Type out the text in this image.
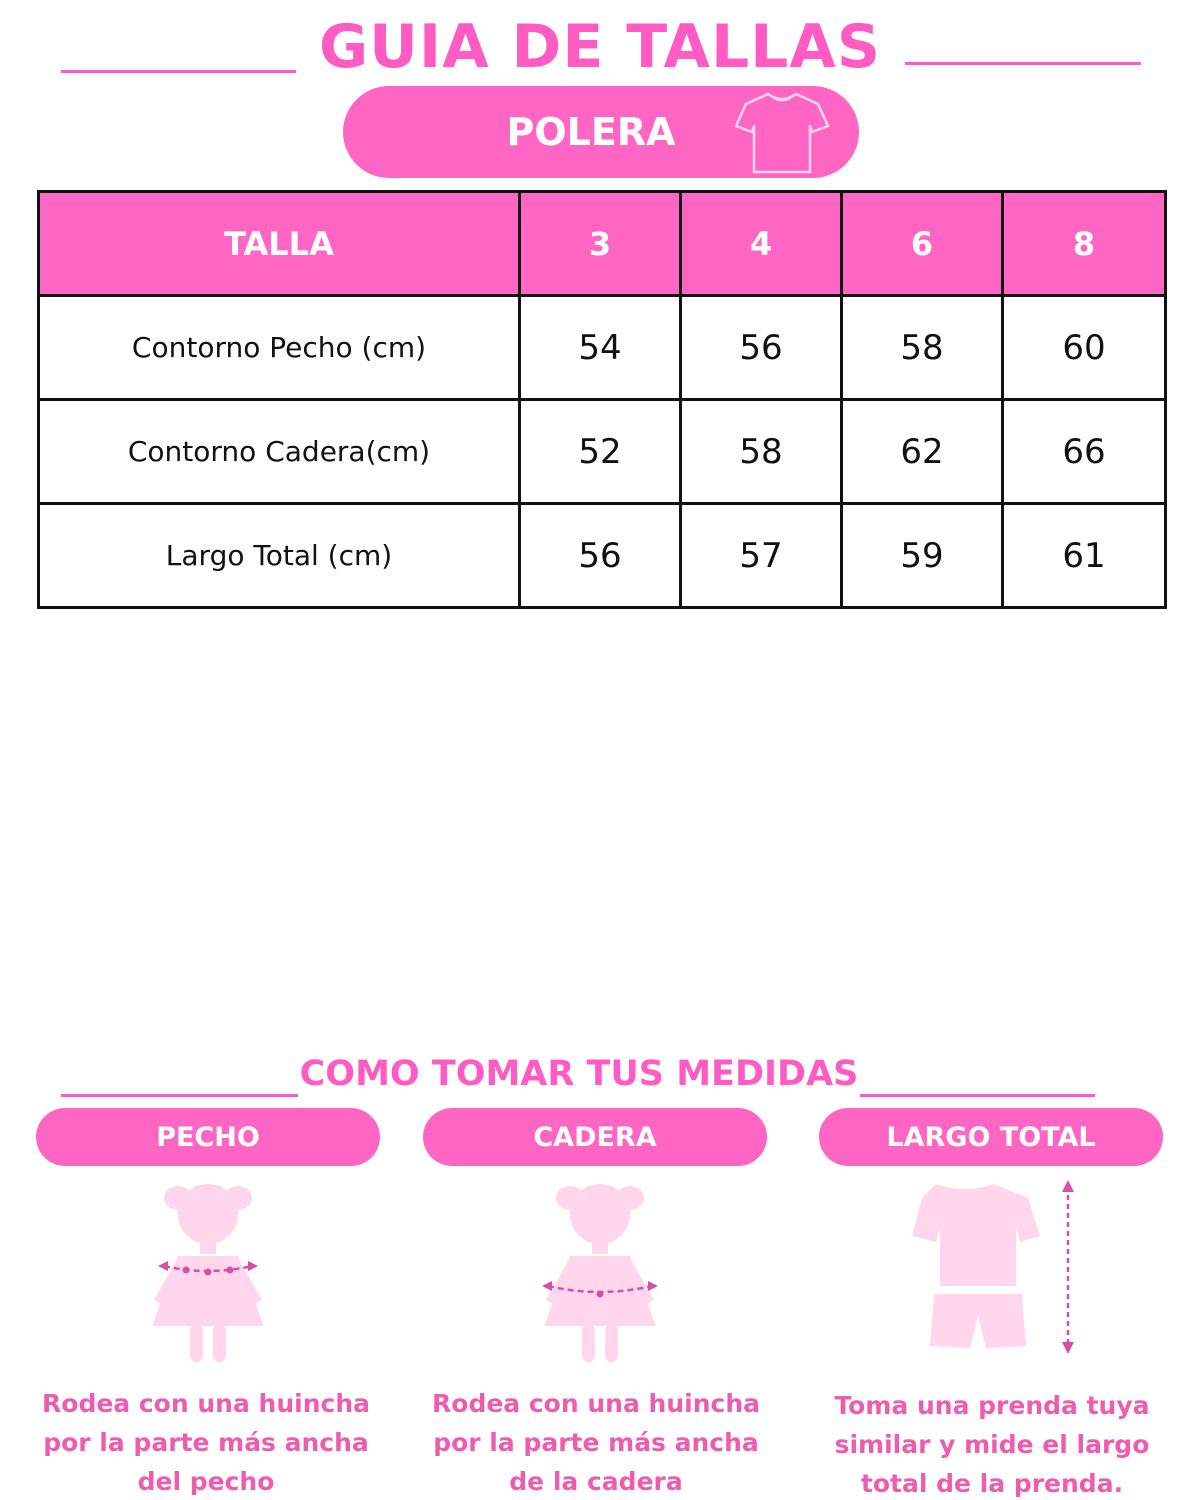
GUIA DE TALLAS
POLERA
TALLA	3	4	6	8
Contorno Pecho (cm)	54	56	58	60
Contorno Cadera(cm)	52	58	62	66
Largo Total (cm)	56	57	59	61
COMO TOMAR TUS MEDIDAS
PECHO
Rodea con una huincha
por la parte más ancha
del pecho
CADERA
Rodea con una huincha
por la parte más ancha
de la cadera
LARGO TOTAL
Toma una prenda tuya
similar y mide el largo
total de la prenda.
